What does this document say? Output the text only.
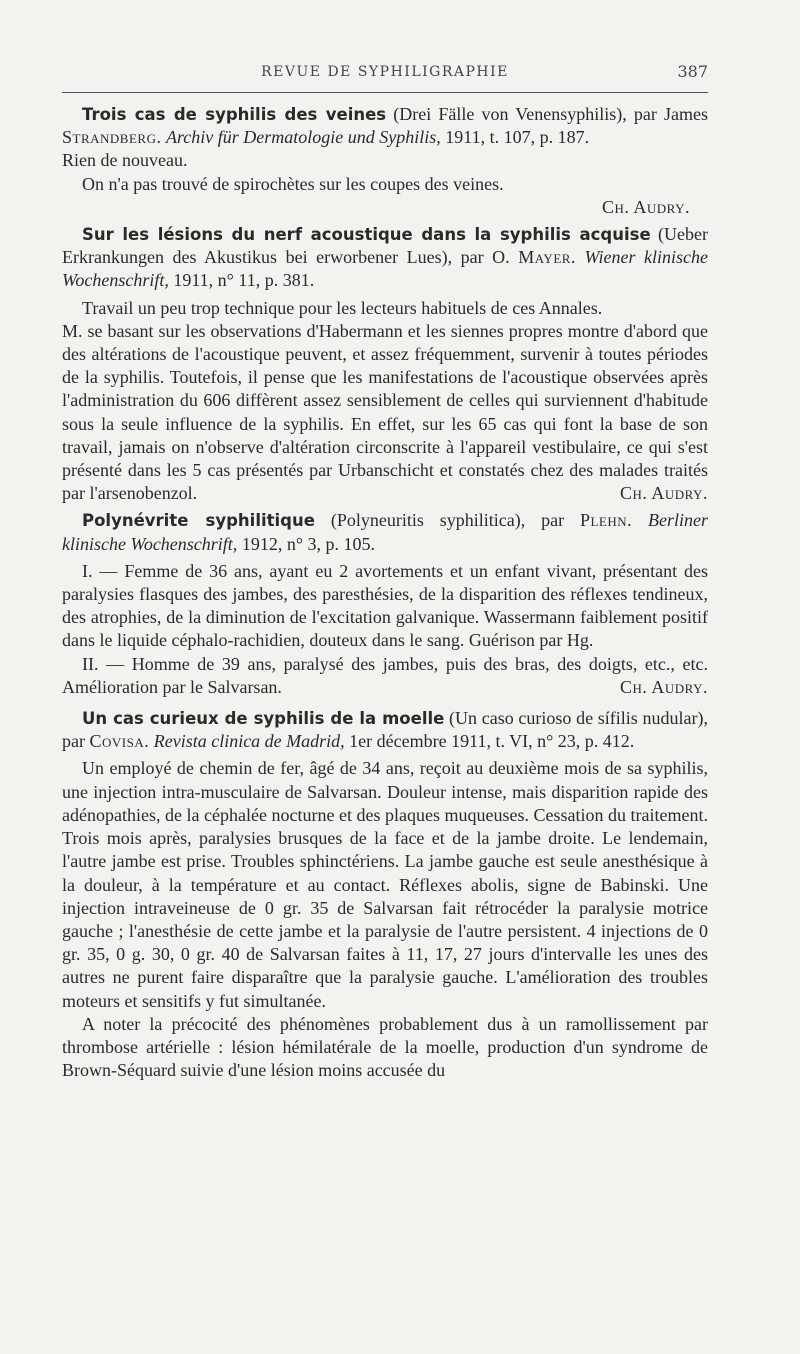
REVUE DE SYPHILIGRAPHIE	387

Trois cas de syphilis des veines (Drei Fälle von Venensyphilis), par James Strandberg. Archiv für Dermatologie und Syphilis, 1911, t. 107, p. 187.

Rien de nouveau.

On n'a pas trouvé de spirochètes sur les coupes des veines.

Ch. Audry.

Sur les lésions du nerf acoustique dans la syphilis acquise (Ueber Erkrankungen des Akustikus bei erworbener Lues), par O. Mayer. Wiener klinische Wochenschrift, 1911, n° 11, p. 381.

Travail un peu trop technique pour les lecteurs habituels de ces Annales.

M. se basant sur les observations d'Habermann et les siennes propres montre d'abord que des altérations de l'acoustique peuvent, et assez fréquemment, survenir à toutes périodes de la syphilis. Toutefois, il pense que les manifestations de l'acoustique observées après l'administration du 606 diffèrent assez sensiblement de celles qui surviennent d'habitude sous la seule influence de la syphilis. En effet, sur les 65 cas qui font la base de son travail, jamais on n'observe d'altération circonscrite à l'appareil vestibulaire, ce qui s'est présenté dans les 5 cas présentés par Urbanschicht et constatés chez des malades traités par l'arsenobenzol.	Ch. Audry.

Polynévrite syphilitique (Polyneuritis syphilitica), par Plehn. Berliner klinische Wochenschrift, 1912, n° 3, p. 105.

I. — Femme de 36 ans, ayant eu 2 avortements et un enfant vivant, présentant des paralysies flasques des jambes, des paresthésies, de la disparition des réflexes tendineux, des atrophies, de la diminution de l'excitation galvanique. Wassermann faiblement positif dans le liquide céphalo-rachidien, douteux dans le sang. Guérison par Hg.

II. — Homme de 39 ans, paralysé des jambes, puis des bras, des doigts, etc., etc. Amélioration par le Salvarsan.	Ch. Audry.

Un cas curieux de syphilis de la moelle (Un caso curioso de sífilis nudular), par Covisa. Revista clinica de Madrid, 1er décembre 1911, t. VI, n° 23, p. 412.

Un employé de chemin de fer, âgé de 34 ans, reçoit au deuxième mois de sa syphilis, une injection intra-musculaire de Salvarsan. Douleur intense, mais disparition rapide des adénopathies, de la céphalée nocturne et des plaques muqueuses. Cessation du traitement. Trois mois après, paralysies brusques de la face et de la jambe droite. Le lendemain, l'autre jambe est prise. Troubles sphinctériens. La jambe gauche est seule anesthésique à la douleur, à la température et au contact. Réflexes abolis, signe de Babinski. Une injection intraveineuse de 0 gr. 35 de Salvarsan fait rétrocéder la paralysie motrice gauche ; l'anesthésie de cette jambe et la paralysie de l'autre persistent. 4 injections de 0 gr. 35, 0 g. 30, 0 gr. 40 de Salvarsan faites à 11, 17, 27 jours d'intervalle les unes des autres ne purent faire disparaître que la paralysie gauche. L'amélioration des troubles moteurs et sensitifs y fut simultanée.

A noter la précocité des phénomènes probablement dus à un ramollissement par thrombose artérielle : lésion hémilatérale de la moelle, production d'un syndrome de Brown-Séquard suivie d'une lésion moins accusée du
